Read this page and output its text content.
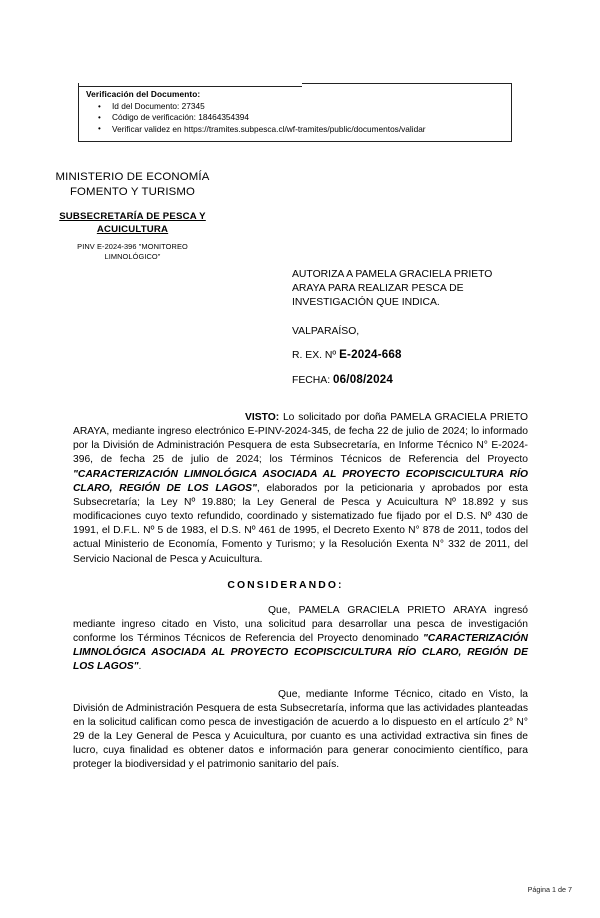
Verificación del Documento:
• Id del Documento: 27345
• Código de verificación: 18464354394
• Verificar validez en https://tramites.subpesca.cl/wf-tramites/public/documentos/validar
MINISTERIO DE ECONOMÍA
FOMENTO Y TURISMO
SUBSECRETARÍA DE PESCA Y
ACUICULTURA
PINV E-2024-396 "MONITOREO
LIMNOLÓGICO"
AUTORIZA A PAMELA GRACIELA PRIETO
ARAYA PARA REALIZAR PESCA DE
INVESTIGACIÓN QUE INDICA.
VALPARAÍSO,
R. EX. Nº E-2024-668
FECHA: 06/08/2024

VISTO: Lo solicitado por doña PAMELA GRACIELA PRIETO ARAYA, mediante ingreso electrónico E-PINV-2024-345, de fecha 22 de julio de 2024; lo informado por la División de Administración Pesquera de esta Subsecretaría, en Informe Técnico N° E-2024-396, de fecha 25 de julio de 2024; los Términos Técnicos de Referencia del Proyecto "CARACTERIZACIÓN LIMNOLÓGICA ASOCIADA AL PROYECTO ECOPISCICULTURA RÍO CLARO, REGIÓN DE LOS LAGOS", elaborados por la peticionaria y aprobados por esta Subsecretaría; la Ley Nº 19.880; la Ley General de Pesca y Acuicultura Nº 18.892 y sus modificaciones cuyo texto refundido, coordinado y sistematizado fue fijado por el D.S. Nº 430 de 1991, el D.F.L. Nº 5 de 1983, el D.S. Nº 461 de 1995, el Decreto Exento N° 878 de 2011, todos del actual Ministerio de Economía, Fomento y Turismo; y la Resolución Exenta N° 332 de 2011, del Servicio Nacional de Pesca y Acuicultura.

CONSIDERANDO:

Que, PAMELA GRACIELA PRIETO ARAYA ingresó mediante ingreso citado en Visto, una solicitud para desarrollar una pesca de investigación conforme los Términos Técnicos de Referencia del Proyecto denominado "CARACTERIZACIÓN LIMNOLÓGICA ASOCIADA AL PROYECTO ECOPISCICULTURA RÍO CLARO, REGIÓN DE LOS LAGOS".

Que, mediante Informe Técnico, citado en Visto, la División de Administración Pesquera de esta Subsecretaría, informa que las actividades planteadas en la solicitud califican como pesca de investigación de acuerdo a lo dispuesto en el artículo 2° N° 29 de la Ley General de Pesca y Acuicultura, por cuanto es una actividad extractiva sin fines de lucro, cuya finalidad es obtener datos e información para generar conocimiento científico, para proteger la biodiversidad y el patrimonio sanitario del país.

Página 1 de 7
